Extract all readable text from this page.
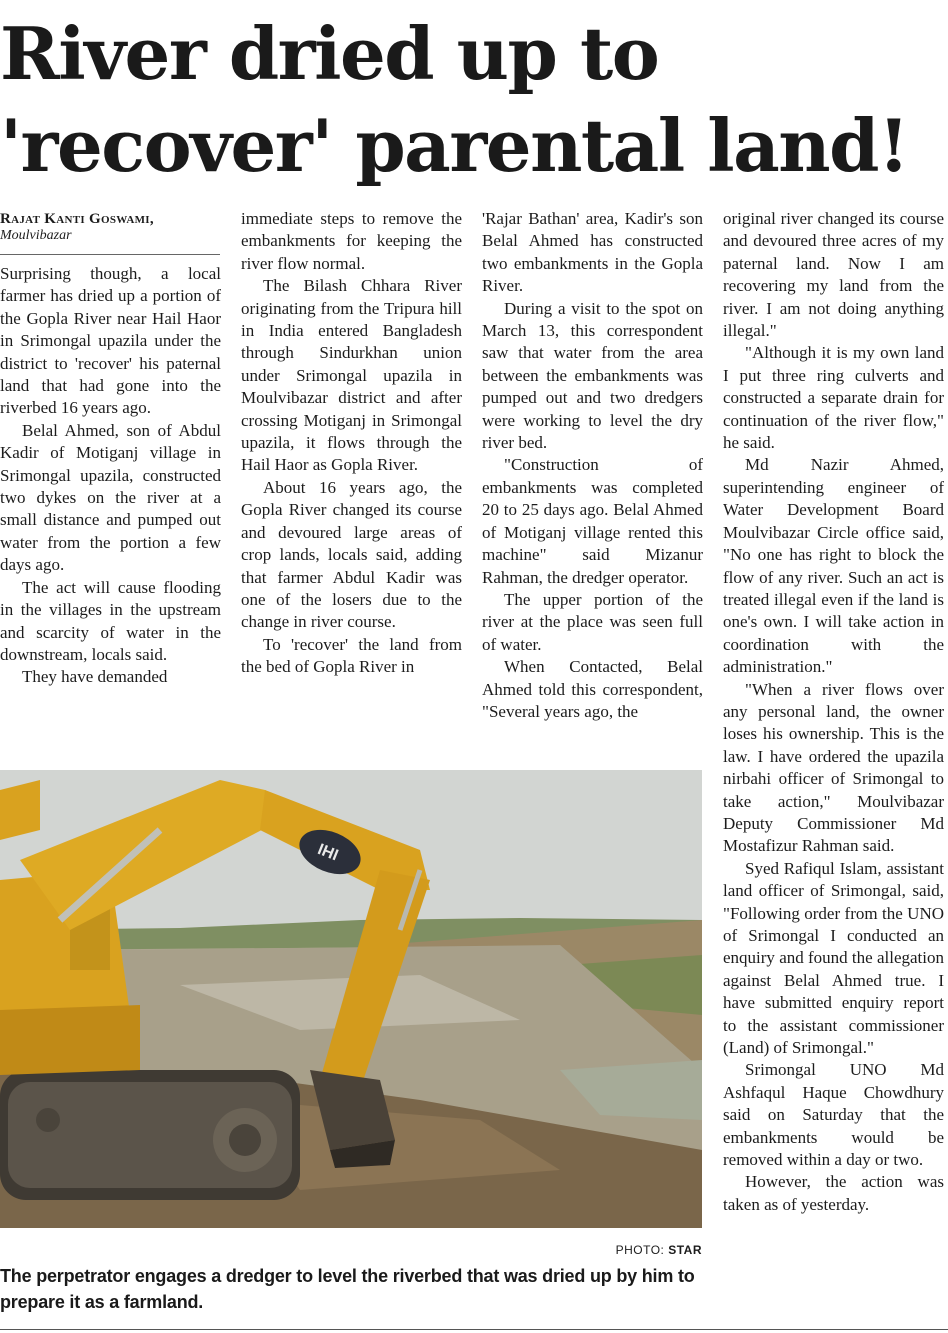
River dried up to 'recover' parental land!
Rajat Kanti Goswami,
Moulvibazar

Surprising though, a local farmer has dried up a portion of the Gopla River near Hail Haor in Srimongal upazila under the district to 'recover' his paternal land that had gone into the riverbed 16 years ago.

Belal Ahmed, son of Abdul Kadir of Motiganj village in Srimongal upazila, constructed two dykes on the river at a small distance and pumped out water from the portion a few days ago.

The act will cause flooding in the villages in the upstream and scarcity of water in the downstream, locals said.

They have demanded

immediate steps to remove the embankments for keeping the river flow normal.

The Bilash Chhara River originating from the Tripura hill in India entered Bangladesh through Sindurkhan union under Srimongal upazila in Moulvibazar district and after crossing Motiganj in Srimongal upazila, it flows through the Hail Haor as Gopla River.

About 16 years ago, the Gopla River changed its course and devoured large areas of crop lands, locals said, adding that farmer Abdul Kadir was one of the losers due to the change in river course.

To 'recover' the land from the bed of Gopla River in

'Rajar Bathan' area, Kadir's son Belal Ahmed has constructed two embankments in the Gopla River.

During a visit to the spot on March 13, this correspondent saw that water from the area between the embankments was pumped out and two dredgers were working to level the dry river bed.

"Construction of embankments was completed 20 to 25 days ago. Belal Ahmed of Motiganj village rented this machine" said Mizanur Rahman, the dredger operator.

The upper portion of the river at the place was seen full of water.

When Contacted, Belal Ahmed told this correspondent, "Several years ago, the

original river changed its course and devoured three acres of my paternal land. Now I am recovering my land from the river. I am not doing anything illegal."

"Although it is my own land I put three ring culverts and constructed a separate drain for continuation of the river flow," he said.

Md Nazir Ahmed, superintending engineer of Water Development Board Moulvibazar Circle office said, "No one has right to block the flow of any river. Such an act is treated illegal even if the land is one's own. I will take action in coordination with the administration."

"When a river flows over any personal land, the owner loses his ownership. This is the law. I have ordered the upazila nirbahi officer of Srimongal to take action," Moulvibazar Deputy Commissioner Md Mostafizur Rahman said.

Syed Rafiqul Islam, assistant land officer of Srimongal, said, "Following order from the UNO of Srimongal I conducted an enquiry and found the allegation against Belal Ahmed true. I have submitted enquiry report to the assistant commissioner (Land) of Srimongal."

Srimongal UNO Md Ashfaqul Haque Chowdhury said on Saturday that the embankments would be removed within a day or two.

However, the action was taken as of yesterday.

IHI
PHOTO: STAR
The perpetrator engages a dredger to level the riverbed that was dried up by him to prepare it as a farmland.
